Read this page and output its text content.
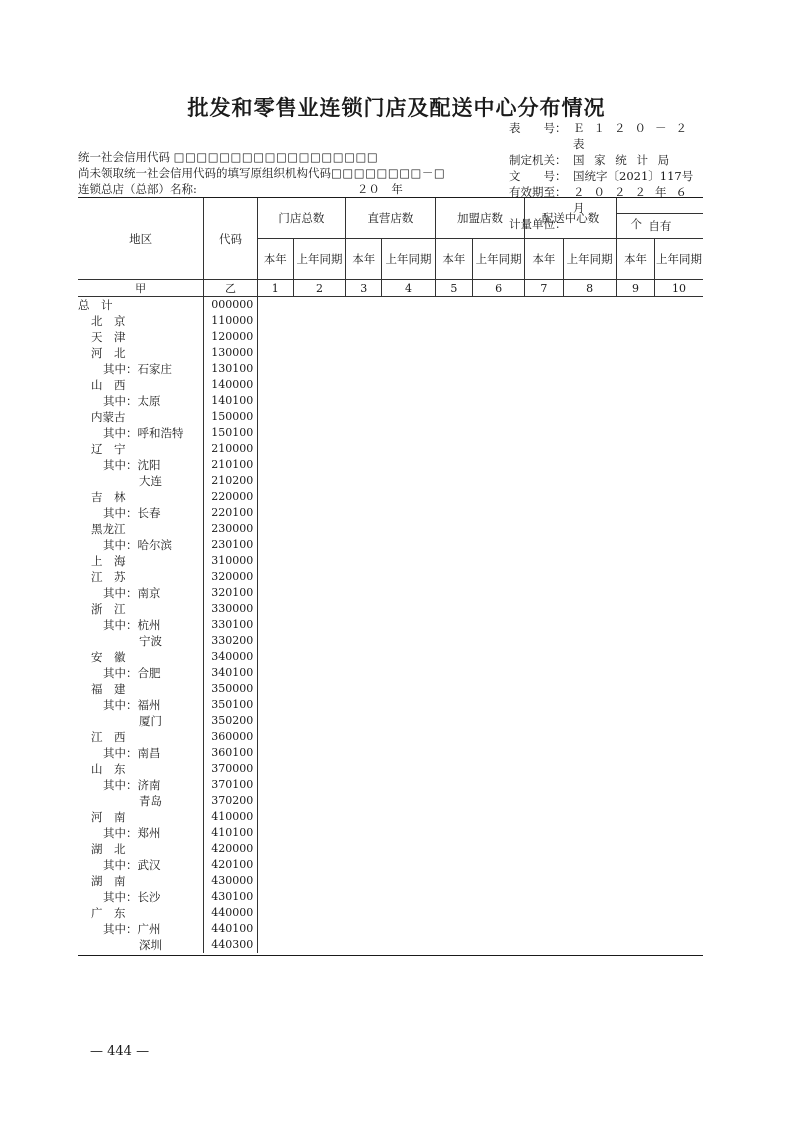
批发和零售业连锁门店及配送中心分布情况
表　　号： Ｅ１２０－２表
制定机关： 国 家 统 计 局
文　　号： 国统字〔2021〕117号
有效期至： ２０２２年６月
计量单位： 　　　　　个
统一社会信用代码 □□□□□□□□□□□□□□□□□□
尚未领取统一社会信用代码的填写原组织机构代码□□□□□□□□－□
连锁总店（总部）名称:	２０　年
地区	代码	门店总数		直营店数		加盟店数		配送中心数			
										自有	
		本年	上年同期	本年	上年同期	本年	上年同期	本年	上年同期	本年	上年同期
甲	乙	1	2	3	4	5	6	7	8	9	10
总　计	000000										
北　京	110000										
天　津	120000										
河　北	130000										
其中：石家庄	130100										
山　西	140000										
其中：太原	140100										
内蒙古	150000										
其中：呼和浩特	150100										
辽　宁	210000										
其中：沈阳	210100										
大连	210200										
吉　林	220000										
其中：长春	220100										
黑龙江	230000										
其中：哈尔滨	230100										
上　海	310000										
江　苏	320000										
其中：南京	320100										
浙　江	330000										
其中：杭州	330100										
宁波	330200										
安　徽	340000										
其中：合肥	340100										
福　建	350000										
其中：福州	350100										
厦门	350200										
江　西	360000										
其中：南昌	360100										
山　东	370000										
其中：济南	370100										
青岛	370200										
河　南	410000										
其中：郑州	410100										
湖　北	420000										
其中：武汉	420100										
湖　南	430000										
其中：长沙	430100										
广　东	440000										
其中：广州	440100										
深圳	440300										
— 444 —
